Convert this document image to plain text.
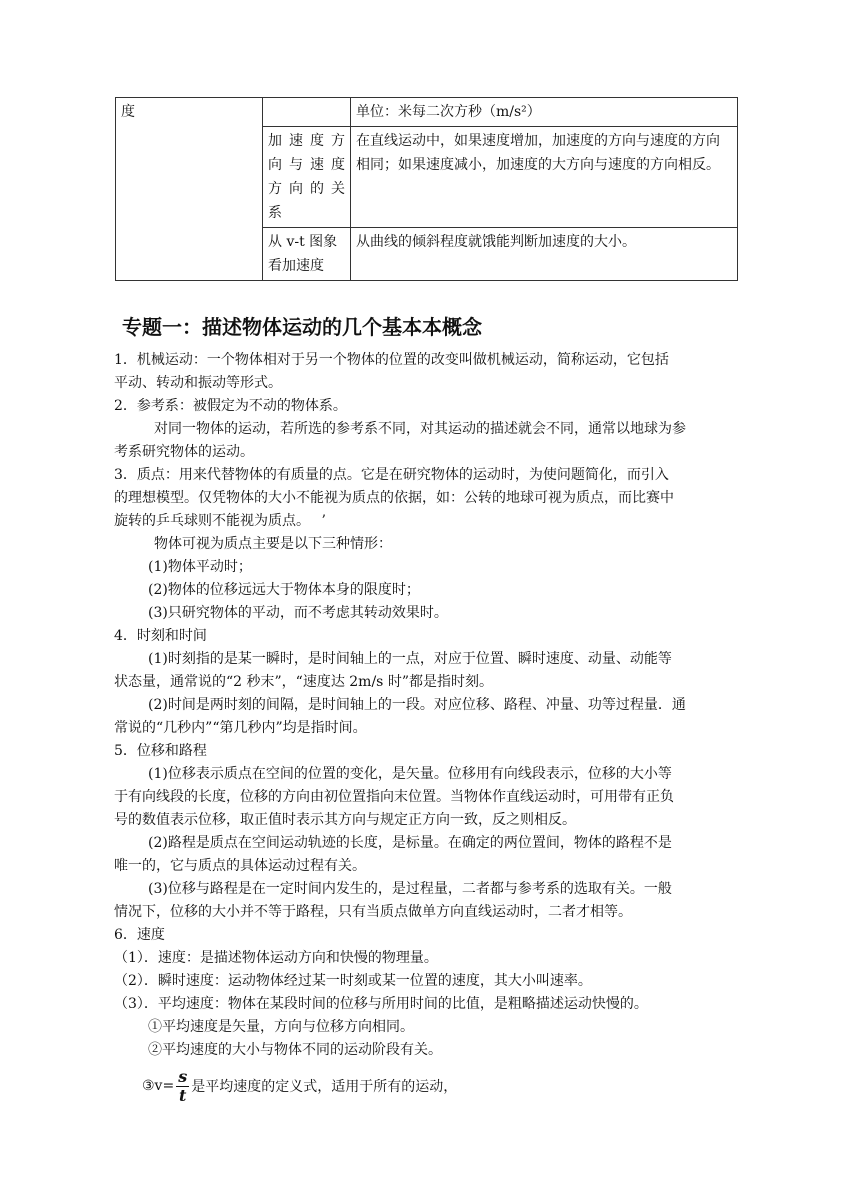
度		单位：米每二次方秒（m/s²）

	加速度方
向与速度
方向的关
系	在直线运动中，如果速度增加，加速度的方向与速度的方向相同；如果速度减小，加速度的大方向与速度的方向相反。

	从 v-t 图象
看加速度	从曲线的倾斜程度就饿能判断加速度的大小。
专题一：描述物体运动的几个基本本概念
1．机械运动：一个物体相对于另一个物体的位置的改变叫做机械运动，简称运动，它包括
平动、转动和振动等形式。
2．参考系：被假定为不动的物体系。
对同一物体的运动，若所选的参考系不同，对其运动的描述就会不同，通常以地球为参
考系研究物体的运动。
3．质点：用来代替物体的有质量的点。它是在研究物体的运动时，为使问题简化，而引入
的理想模型。仅凭物体的大小不能视为质点的依据，如：公转的地球可视为质点，而比赛中
旋转的乒乓球则不能视为质点。　 ’
物体可视为质点主要是以下三种情形：
(1)物体平动时；
(2)物体的位移远远大于物体本身的限度时；
(3)只研究物体的平动，而不考虑其转动效果时。
4．时刻和时间
(1)时刻指的是某一瞬时，是时间轴上的一点，对应于位置、瞬时速度、动量、动能等
状态量，通常说的“2 秒末”，“速度达 2m/s 时”都是指时刻。
(2)时间是两时刻的间隔，是时间轴上的一段。对应位移、路程、冲量、功等过程量．通
常说的“几秒内”“第几秒内”均是指时间。
5．位移和路程
(1)位移表示质点在空间的位置的变化，是矢量。位移用有向线段表示，位移的大小等
于有向线段的长度，位移的方向由初位置指向末位置。当物体作直线运动时，可用带有正负
号的数值表示位移，取正值时表示其方向与规定正方向一致，反之则相反。
(2)路程是质点在空间运动轨迹的长度，是标量。在确定的两位置间，物体的路程不是
唯一的，它与质点的具体运动过程有关。
(3)位移与路程是在一定时间内发生的，是过程量，二者都与参考系的选取有关。一般
情况下，位移的大小并不等于路程，只有当质点做单方向直线运动时，二者才相等。
6．速度
（1）．速度：是描述物体运动方向和快慢的物理量。
（2）．瞬时速度：运动物体经过某一时刻或某一位置的速度，其大小叫速率。
（3）．平均速度：物体在某段时间的位移与所用时间的比值，是粗略描述运动快慢的。
①平均速度是矢量，方向与位移方向相同。
②平均速度的大小与物体不同的运动阶段有关。
③v= $\frac{s}{t}$ 是平均速度的定义式，适用于所有的运动，
